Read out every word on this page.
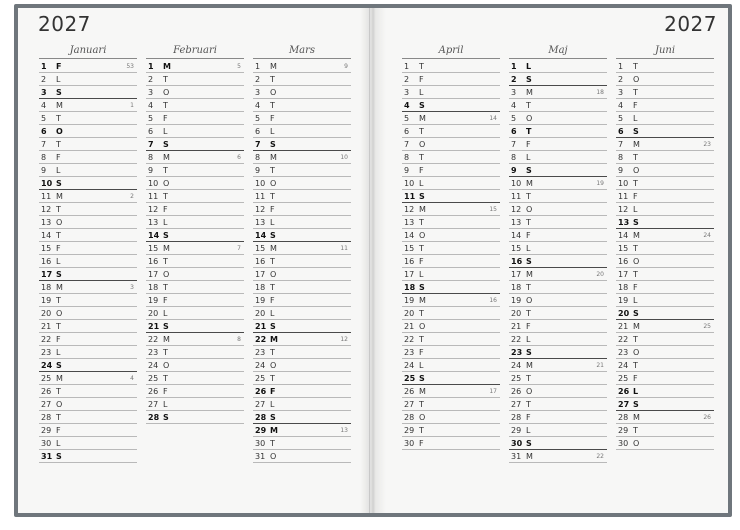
2027	2027
Januari
1	F	53
2	L
3	S
4	M	1
5	T
6	O
7	T
8	F
9	L
10 S
11 M	2
12 T
13 O
14 T
15 F
16 L
17 S
18 M	3
19 T
20 O
21 T
22 F
23 L
24 S
25 M	4
26 T
27 O
28 T
29 F
30 L
31 S
Februari
1	M	5
2	T
3	O
4	T
5	F
6	L
7	S
8	M	6
9	T
10 O
11 T
12 F
13 L
14 S
15 M	7
16 T
17 O
18 T
19 F
20 L
21 S
22 M	8
23 T
24 O
25 T
26 F
27 L
28 S
Mars
1	M	9
2	T
3	O
4	T
5	F
6	L
7	S
8	M	10
9	T
10 O
11 T
12 F
13 L
14 S
15 M	11
16 T
17 O
18 T
19 F
20 L
21 S
22 M	12
23 T
24 O
25 T
26 F
27 L
28 S
29 M	13
30 T
31 O
April
1	T
2	F
3	L
4	S
5	M	14
6	T
7	O
8	T
9	F
10 L
11 S
12 M	15
13 T
14 O
15 T
16 F
17 L
18 S
19 M	16
20 T
21 O
22 T
23 F
24 L
25 S
26 M	17
27 T
28 O
29 T
30 F
Maj
1	L
2	S
3	M	18
4	T
5	O
6	T
7	F
8	L
9	S
10 M	19
11 T
12 O
13 T
14 F
15 L
16 S
17 M	20
18 T
19 O
20 T
21 F
22 L
23 S
24 M	21
25 T
26 O
27 T
28 F
29 L
30 S
31 M	22
Juni
1	T
2	O
3	T
4	F
5	L
6	S
7	M	23
8	T
9	O
10 T
11 F
12 L
13 S
14 M	24
15 T
16 O
17 T
18 F
19 L
20 S
21 M	25
22 T
23 O
24 T
25 F
26 L
27 S
28 M	26
29 T
30 O
